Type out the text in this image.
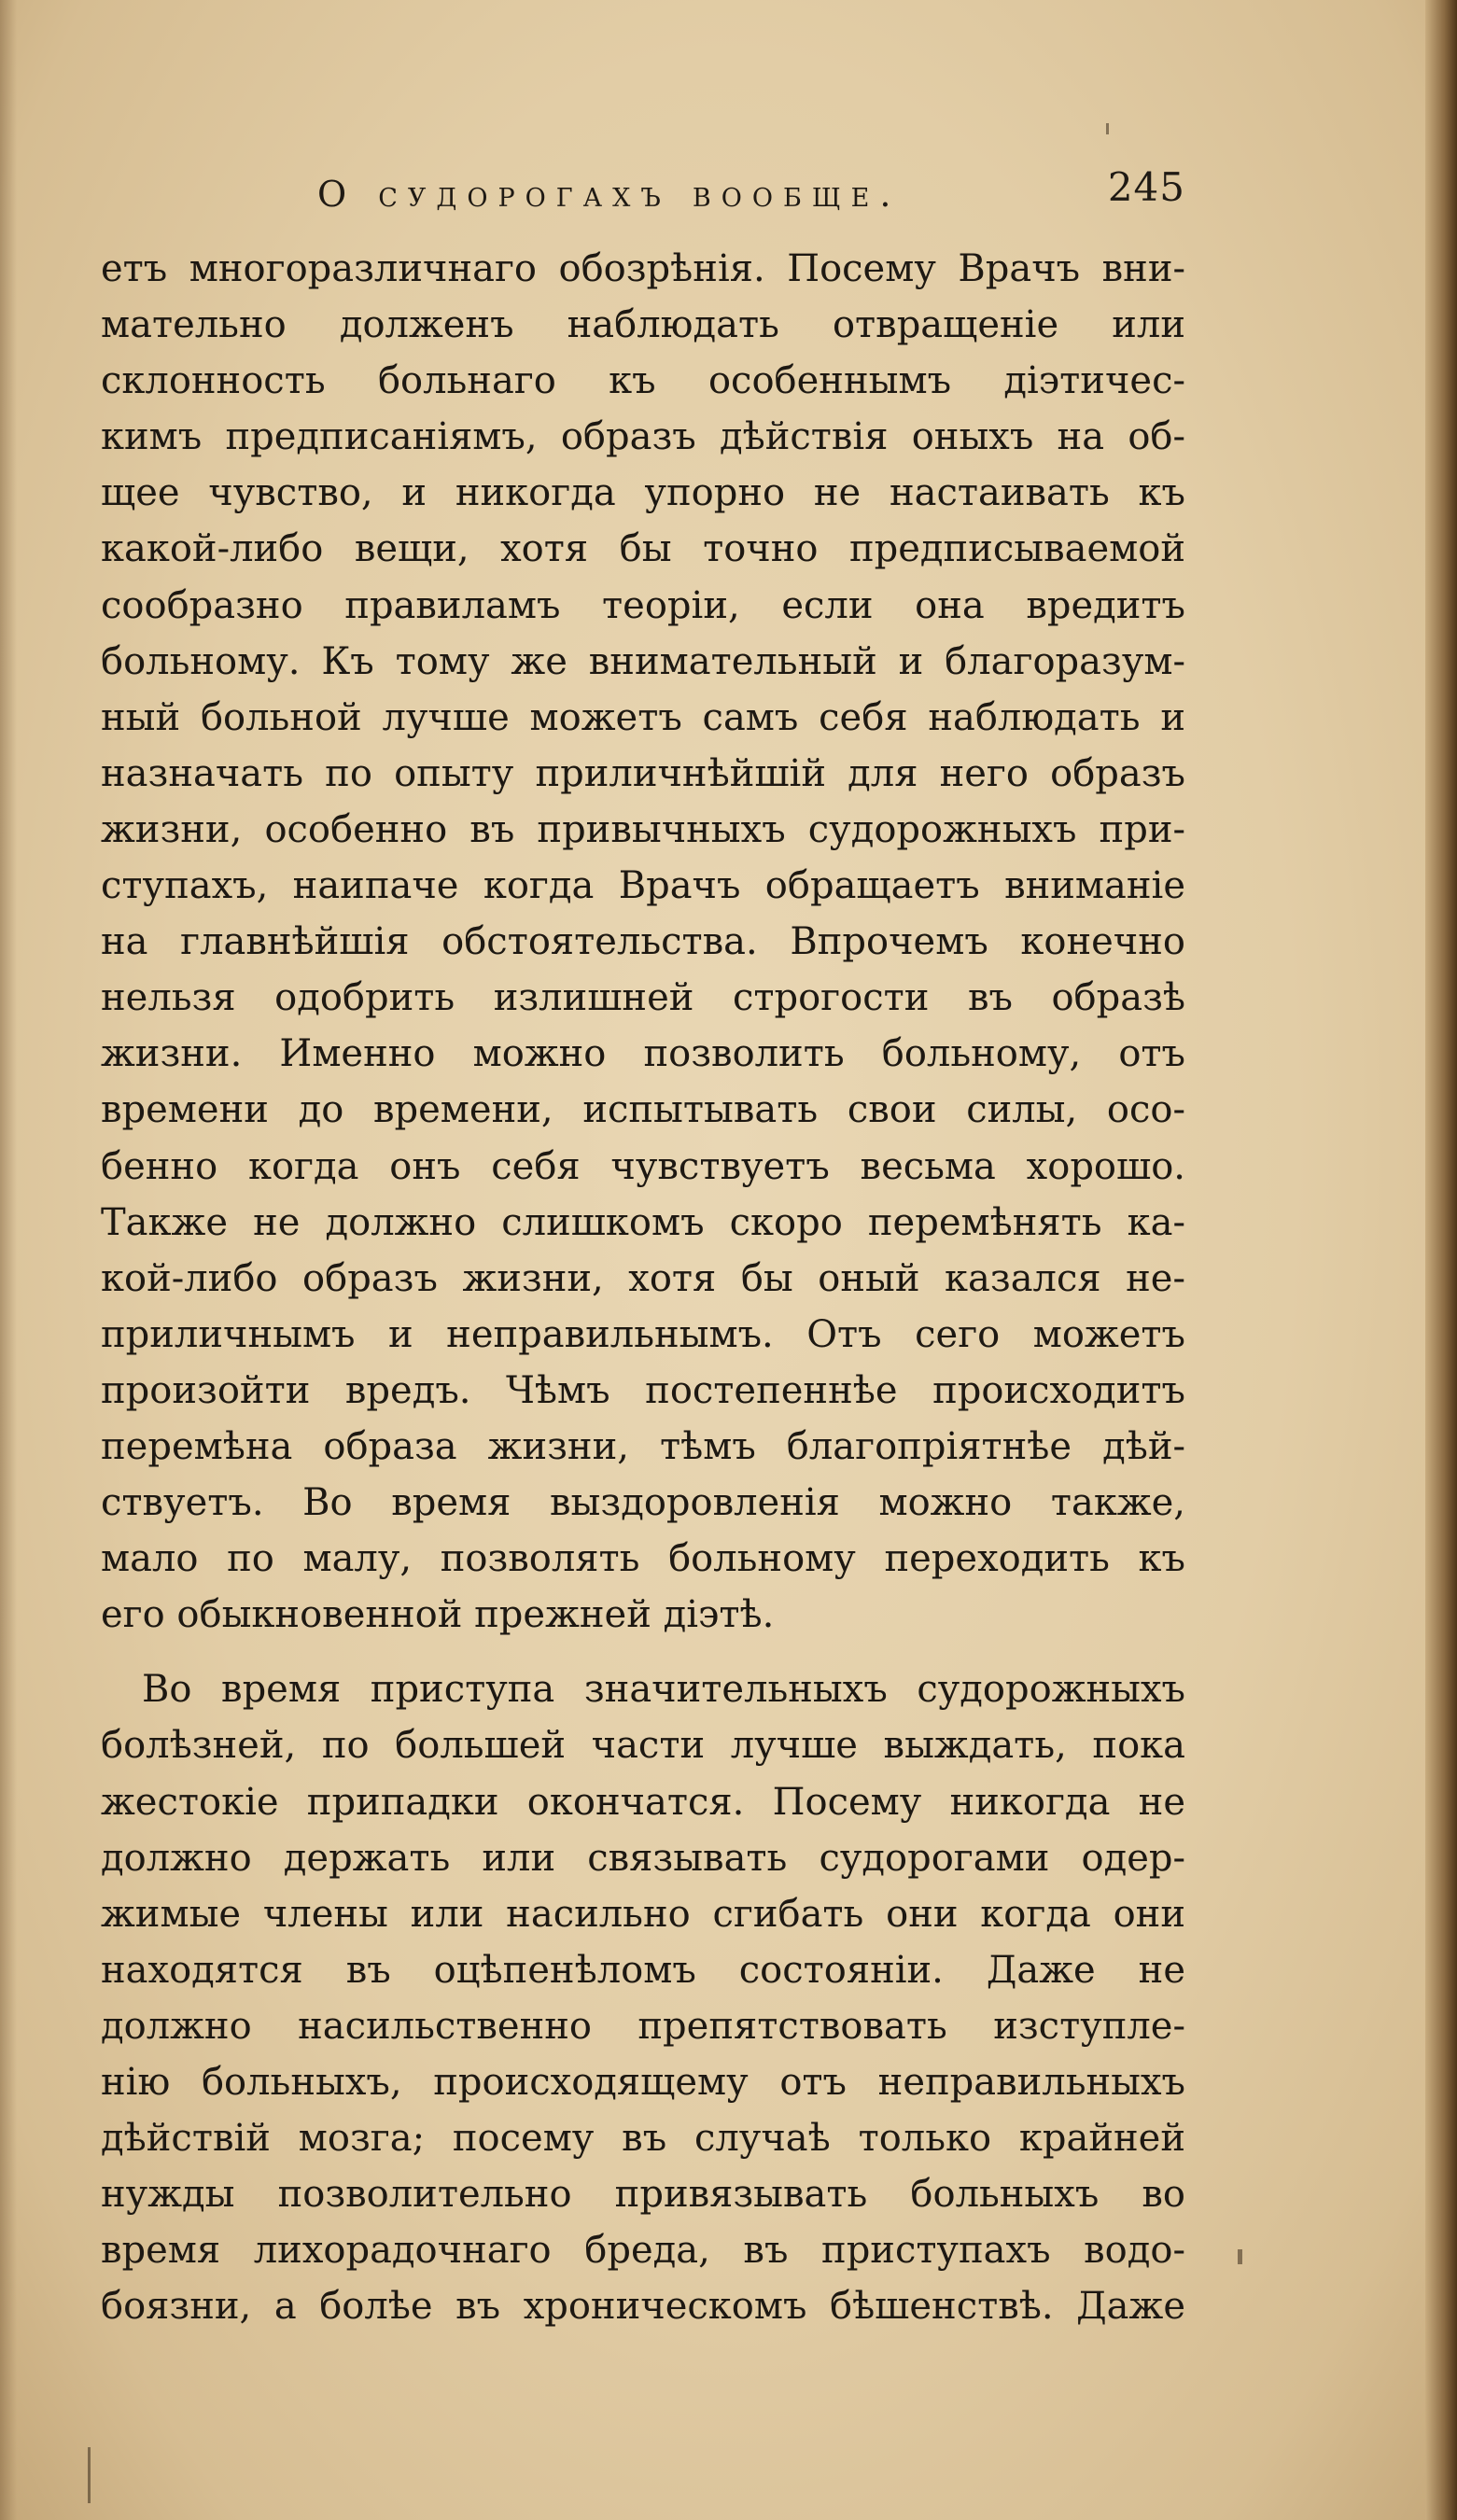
О судорогахъ вообще.	245
етъ многоразличнаго обозрѣнія. Посему Врачъ вни-
мательно долженъ наблюдать отвращеніе или
склонность больнаго къ особеннымъ діэтичес-
кимъ предписаніямъ, образъ дѣйствія оныхъ на об-
щее чувство, и никогда упорно не настаивать къ
какой-либо вещи, хотя бы точно предписываемой
сообразно правиламъ теоріи, если она вредитъ
больному. Къ тому же внимательный и благоразум-
ный больной лучше можетъ самъ себя наблюдать и
назначать по опыту приличнѣйшій для него образъ
жизни, особенно въ привычныхъ судорожныхъ при-
ступахъ, наипаче когда Врачъ обращаетъ вниманіе
на главнѣйшія обстоятельства. Впрочемъ конечно
нельзя одобрить излишней строгости въ образѣ
жизни. Именно можно позволить больному, отъ
времени до времени, испытывать свои силы, осо-
бенно когда онъ себя чувствуетъ весьма хорошо.
Также не должно слишкомъ скоро перемѣнять ка-
кой-либо образъ жизни, хотя бы оный казался не-
приличнымъ и неправильнымъ. Отъ сего можетъ
произойти вредъ. Чѣмъ постепеннѣе происходитъ
перемѣна образа жизни, тѣмъ благопріятнѣе дѣй-
ствуетъ. Во время выздоровленія можно также,
мало по малу, позволять больному переходить къ
его обыкновенной прежней діэтѣ.
Во время приступа значительныхъ судорожныхъ
болѣзней, по большей части лучше выждать, пока
жестокіе припадки окончатся. Посему никогда не
должно держать или связывать судорогами одер-
жимые члены или насильно сгибать они когда они
находятся въ оцѣпенѣломъ состояніи. Даже не
должно насильственно препятствовать изступле-
нію больныхъ, происходящему отъ неправильныхъ
дѣйствій мозга; посему въ случаѣ только крайней
нужды позволительно привязывать больныхъ во
время лихорадочнаго бреда, въ приступахъ водо-
боязни, а болѣе въ хроническомъ бѣшенствѣ. Даже
